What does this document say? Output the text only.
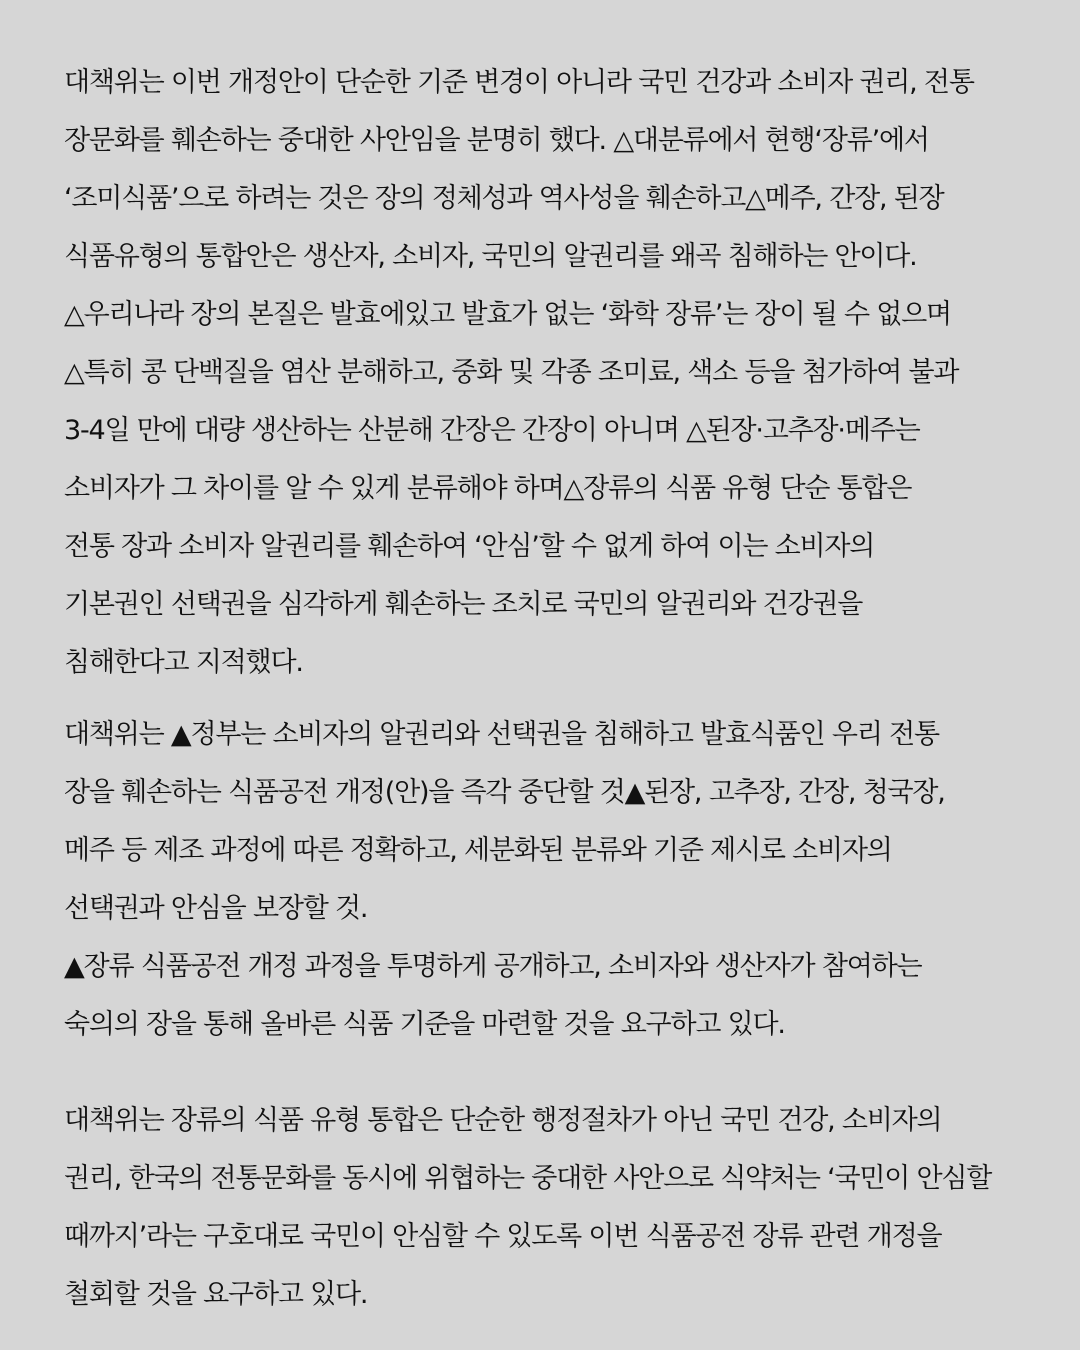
대책위는 이번 개정안이 단순한 기준 변경이 아니라 국민 건강과 소비자 권리, 전통
장문화를 훼손하는 중대한 사안임을 분명히 했다. △대분류에서 현행‘장류’에서
‘조미식품’으로 하려는 것은 장의 정체성과 역사성을 훼손하고△메주, 간장, 된장
식품유형의 통합안은 생산자, 소비자, 국민의 알권리를 왜곡 침해하는 안이다.
△우리나라 장의 본질은 발효에있고 발효가 없는 ‘화학 장류’는 장이 될 수 없으며
△특히 콩 단백질을 염산 분해하고, 중화 및 각종 조미료, 색소 등을 첨가하여 불과
3-4일 만에 대량 생산하는 산분해 간장은 간장이 아니며 △된장·고추장·메주는
소비자가 그 차이를 알 수 있게 분류해야 하며△장류의 식품 유형 단순 통합은
전통 장과 소비자 알권리를 훼손하여 ‘안심’할 수 없게 하여 이는 소비자의
기본권인 선택권을 심각하게 훼손하는 조치로 국민의 알권리와 건강권을
침해한다고 지적했다.
대책위는 ▲정부는 소비자의 알권리와 선택권을 침해하고 발효식품인 우리 전통
장을 훼손하는 식품공전 개정(안)을 즉각 중단할 것▲된장, 고추장, 간장, 청국장,
메주 등 제조 과정에 따른 정확하고, 세분화된 분류와 기준 제시로 소비자의
선택권과 안심을 보장할 것.
▲장류 식품공전 개정 과정을 투명하게 공개하고, 소비자와 생산자가 참여하는
숙의의 장을 통해 올바른 식품 기준을 마련할 것을 요구하고 있다.
대책위는 장류의 식품 유형 통합은 단순한 행정절차가 아닌 국민 건강, 소비자의
권리, 한국의 전통문화를 동시에 위협하는 중대한 사안으로 식약처는 ‘국민이 안심할
때까지’라는 구호대로 국민이 안심할 수 있도록 이번 식품공전 장류 관련 개정을
철회할 것을 요구하고 있다.
